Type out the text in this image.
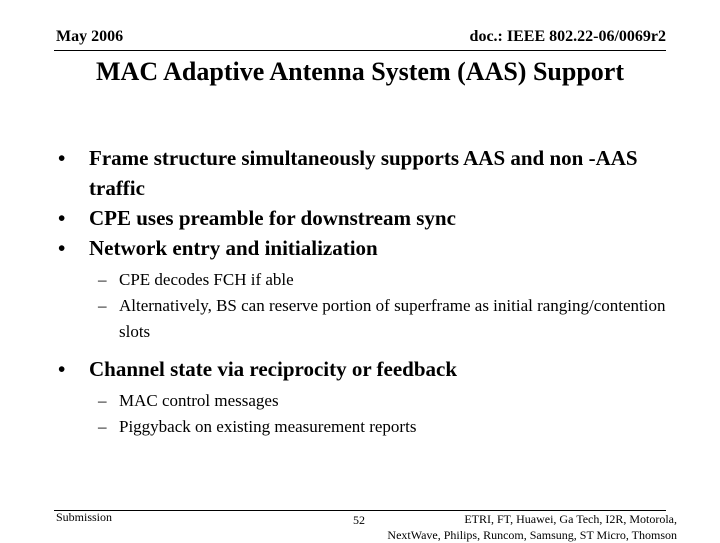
May 2006	doc.: IEEE 802.22-06/0069r2
MAC Adaptive Antenna System (AAS) Support
• Frame structure simultaneously supports AAS and non -AAS traffic
• CPE uses preamble for downstream sync
• Network entry and initialization
– CPE decodes FCH if able
– Alternatively, BS can reserve portion of superframe as initial ranging/contention slots
• Channel state via reciprocity or feedback
– MAC control messages
– Piggyback on existing measurement reports
Submission	52	ETRI, FT, Huawei, Ga Tech, I2R, Motorola,
NextWave, Philips, Runcom, Samsung, ST Micro, Thomson
